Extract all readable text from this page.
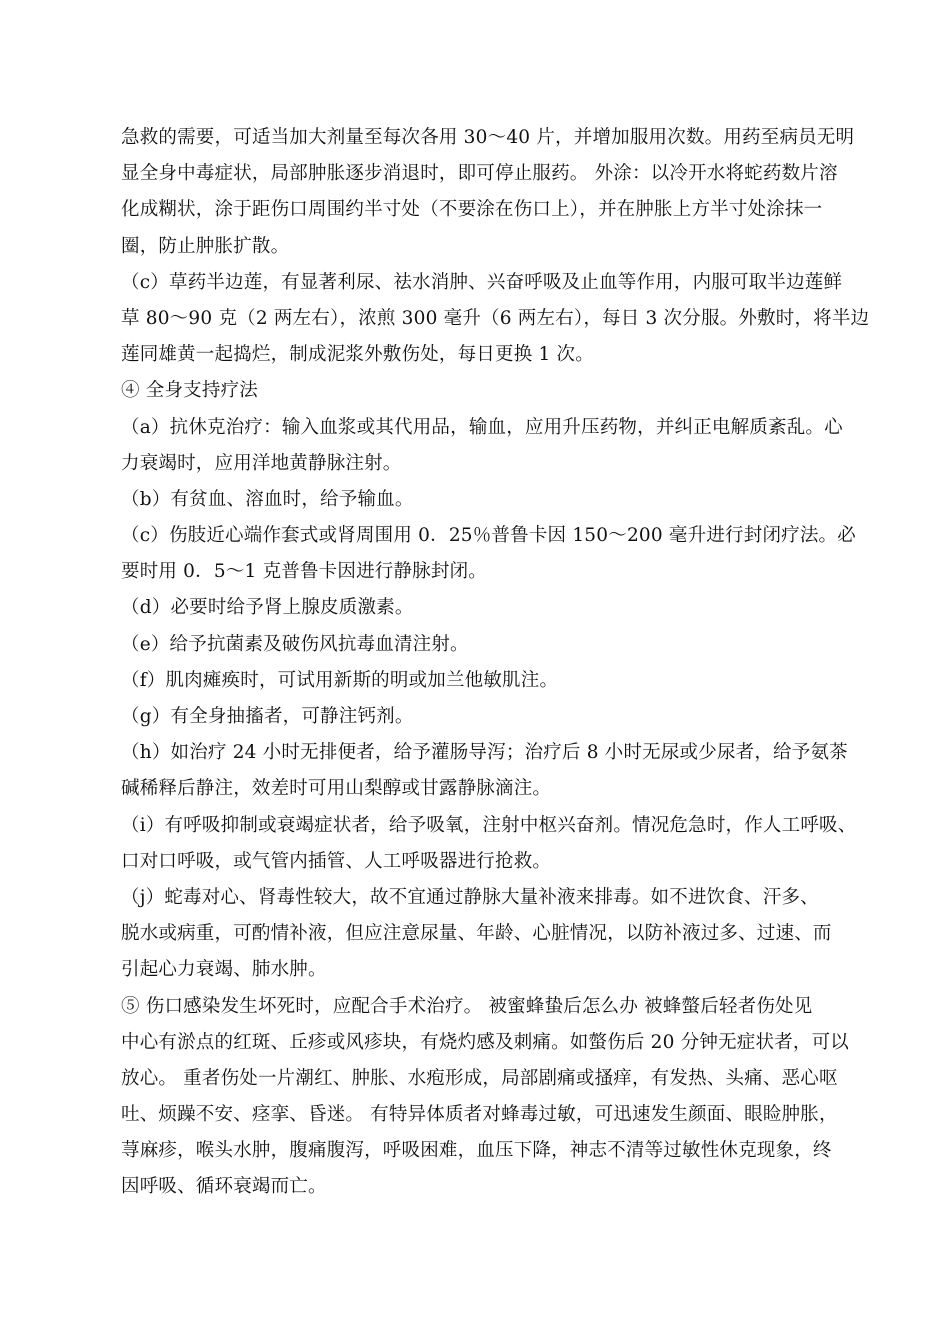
急救的需要，可适当加大剂量至每次各用 30～40 片，并增加服用次数。用药至病员无明
显全身中毒症状，局部肿胀逐步消退时，即可停止服药。 外涂：以冷开水将蛇药数片溶
化成糊状，涂于距伤口周围约半寸处（不要涂在伤口上），并在肿胀上方半寸处涂抹一
圈，防止肿胀扩散。
（c）草药半边莲，有显著利尿、祛水消肿、兴奋呼吸及止血等作用，内服可取半边莲鲜
草 80～90 克（2 两左右），浓煎 300 毫升（6 两左右），每日 3 次分服。外敷时，将半边
莲同雄黄一起捣烂，制成泥浆外敷伤处，每日更换 1 次。
④ 全身支持疗法
（a）抗休克治疗：输入血浆或其代用品，输血，应用升压药物，并纠正电解质紊乱。心
力衰竭时，应用洋地黄静脉注射。
（b）有贫血、溶血时，给予输血。
（c）伤肢近心端作套式或肾周围用 0．25％普鲁卡因 150～200 毫升进行封闭疗法。必
要时用 0．5～1 克普鲁卡因进行静脉封闭。
（d）必要时给予肾上腺皮质激素。
（e）给予抗菌素及破伤风抗毒血清注射。
（f）肌肉瘫痪时，可试用新斯的明或加兰他敏肌注。
（g）有全身抽搐者，可静注钙剂。
（h）如治疗 24 小时无排便者，给予灌肠导泻；治疗后 8 小时无尿或少尿者，给予氨茶
碱稀释后静注，效差时可用山梨醇或甘露静脉滴注。
（i）有呼吸抑制或衰竭症状者，给予吸氧，注射中枢兴奋剂。情况危急时，作人工呼吸、
口对口呼吸，或气管内插管、人工呼吸器进行抢救。
（j）蛇毒对心、肾毒性较大，故不宜通过静脉大量补液来排毒。如不进饮食、汗多、
脱水或病重，可酌情补液，但应注意尿量、年龄、心脏情况，以防补液过多、过速、而
引起心力衰竭、肺水肿。
⑤ 伤口感染发生坏死时，应配合手术治疗。 被蜜蜂蛰后怎么办 被蜂螫后轻者伤处见
中心有淤点的红斑、丘疹或风疹块，有烧灼感及刺痛。如螫伤后 20 分钟无症状者，可以
放心。 重者伤处一片潮红、肿胀、水疱形成，局部剧痛或搔痒，有发热、头痛、恶心呕
吐、烦躁不安、痉挛、昏迷。 有特异体质者对蜂毒过敏，可迅速发生颜面、眼睑肿胀，
荨麻疹，喉头水肿，腹痛腹泻，呼吸困难，血压下降，神志不清等过敏性休克现象，终
因呼吸、循环衰竭而亡。
